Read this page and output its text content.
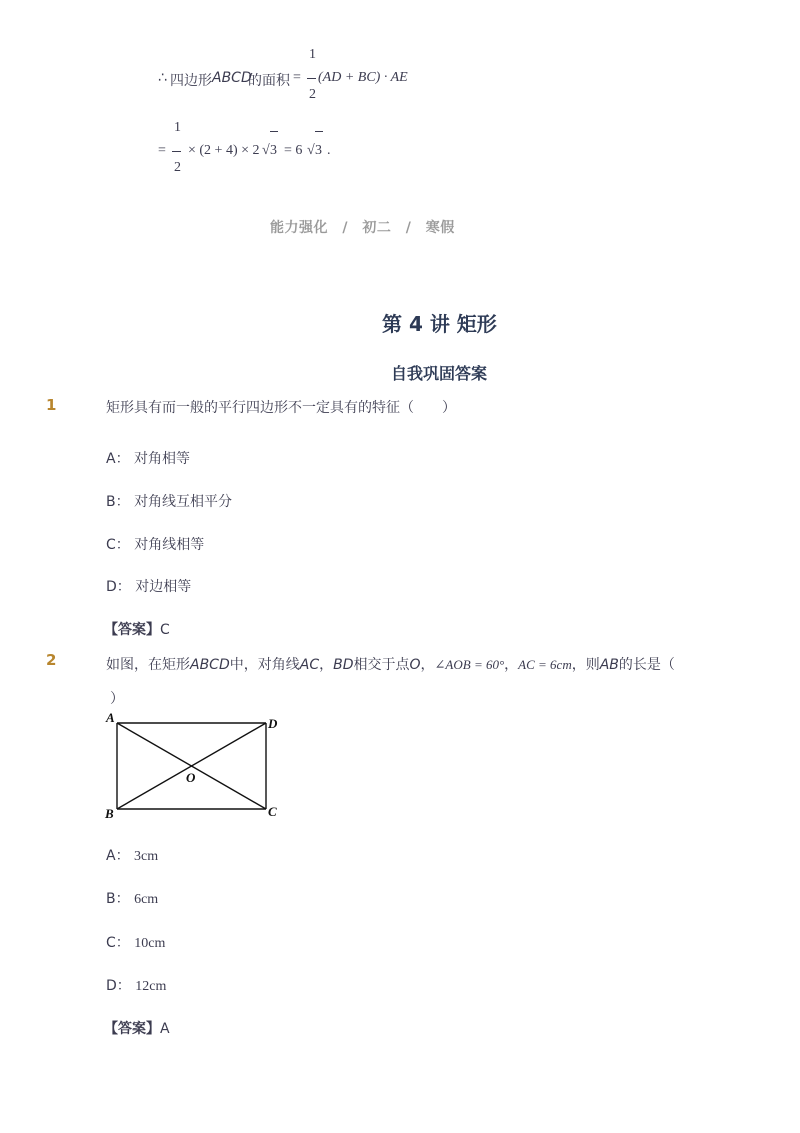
∴ 四边形 ABCD
的面积 =
1
2
(AD + BC) · AE
=
1
2
× (2 + 4) × 2 √ 3 = 6 √ 3 .
能力强化 / 初二 / 寒假
第 4 讲 矩形
自我巩固答案
1	矩形具有而一般的平行四边形不一定具有的特征（　　）
A： 对角相等
B： 对角线互相平分
C： 对角线相等
D： 对边相等
【答案】C
2	如图，在矩形ABCD中，对角线AC，BD相交于点O，∠AOB = 60°，AC = 6cm，则AB的长是（
）
A	D
B	C
O
A： 3cm
B： 6cm
C： 10cm
D： 12cm
【答案】A
